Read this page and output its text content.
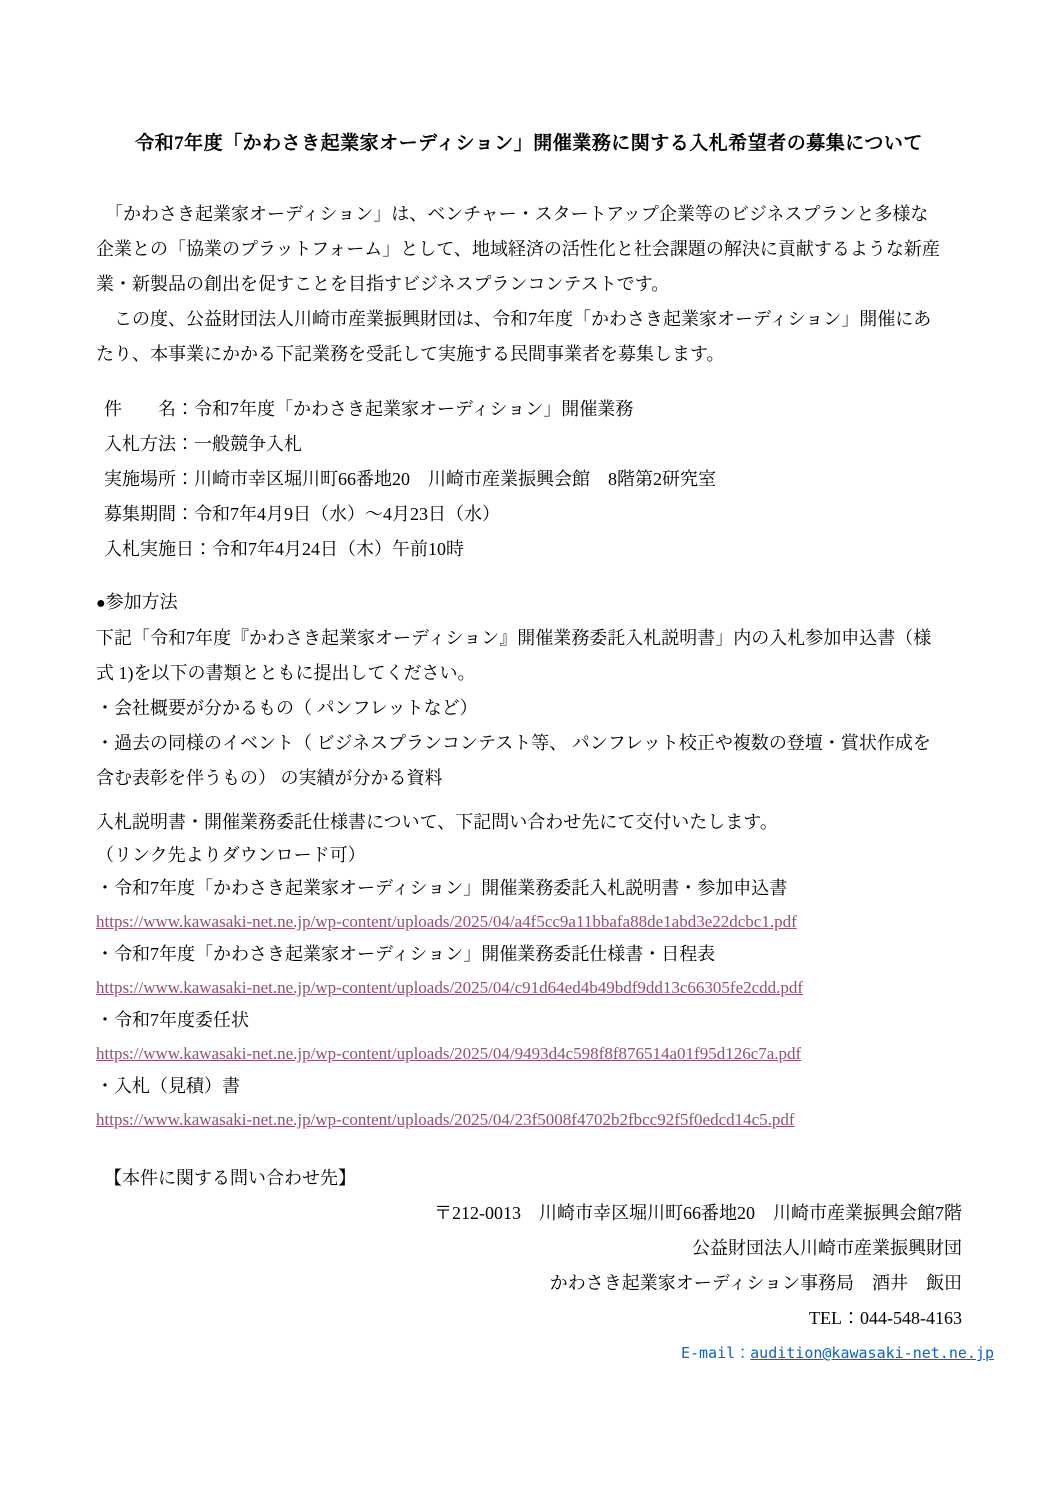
令和7年度「かわさき起業家オーディション」開催業務に関する入札希望者の募集について
　「かわさき起業家オーディション」は、ベンチャー・スタートアップ企業等のビジネスプランと多様な
企業との「協業のプラットフォーム」として、地域経済の活性化と社会課題の解決に貢献するような新産
業・新製品の創出を促すことを目指すビジネスプランコンテストです。
　この度、公益財団法人川崎市産業振興財団は、令和7年度「かわさき起業家オーディション」開催にあ
たり、本事業にかかる下記業務を受託して実施する民間事業者を募集します。
件　　名：令和7年度「かわさき起業家オーディション」開催業務
入札方法：一般競争入札
実施場所：川崎市幸区堀川町66番地20　川崎市産業振興会館　8階第2研究室
募集期間：令和7年4月9日（水）～4月23日（水）
入札実施日：令和7年4月24日（木）午前10時
●参加方法
下記「令和7年度『かわさき起業家オーディション』開催業務委託入札説明書」内の入札参加申込書（様
式 1)を以下の書類とともに提出してください。
・会社概要が分かるもの（ パンフレットなど）
・過去の同様のイベント（ ビジネスプランコンテスト等、 パンフレット校正や複数の登壇・賞状作成を
含む表彰を伴うもの） の実績が分かる資料
入札説明書・開催業務委託仕様書について、下記問い合わせ先にて交付いたします。
（リンク先よりダウンロード可）
・令和7年度「かわさき起業家オーディション」開催業務委託入札説明書・参加申込書
https://www.kawasaki-net.ne.jp/wp-content/uploads/2025/04/a4f5cc9a11bbafa88de1abd3e22dcbc1.pdf
・令和7年度「かわさき起業家オーディション」開催業務委託仕様書・日程表
https://www.kawasaki-net.ne.jp/wp-content/uploads/2025/04/c91d64ed4b49bdf9dd13c66305fe2cdd.pdf
・令和7年度委任状
https://www.kawasaki-net.ne.jp/wp-content/uploads/2025/04/9493d4c598f8f876514a01f95d126c7a.pdf
・入札（見積）書
https://www.kawasaki-net.ne.jp/wp-content/uploads/2025/04/23f5008f4702b2fbcc92f5f0edcd14c5.pdf
【本件に関する問い合わせ先】
〒212-0013　川崎市幸区堀川町66番地20　川崎市産業振興会館7階
公益財団法人川崎市産業振興財団
かわさき起業家オーディション事務局　酒井　飯田
TEL：044-548-4163
E‐mail：audition@kawasaki-net.ne.jp
